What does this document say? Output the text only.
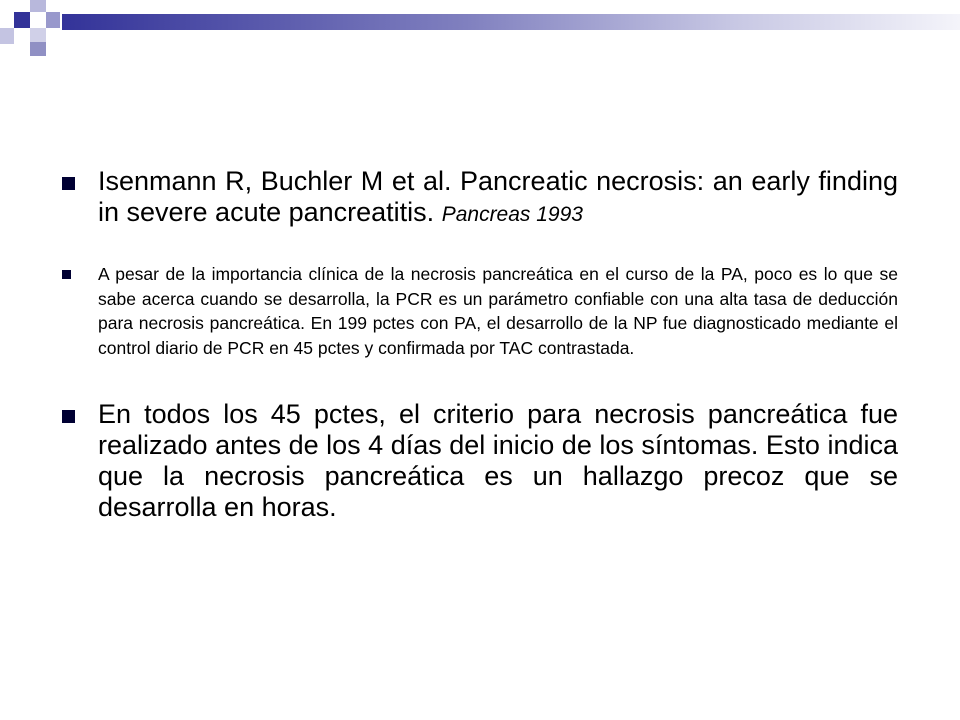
Isenmann R, Buchler M et al. Pancreatic necrosis: an early finding in severe acute pancreatitis. Pancreas 1993
A pesar de la importancia clínica de la necrosis pancreática en el curso de la PA, poco es lo que se sabe acerca cuando se desarrolla, la PCR es un parámetro confiable con una alta tasa de deducción para necrosis pancreática. En 199 pctes con PA, el desarrollo de la NP fue diagnosticado mediante el control diario de PCR en 45 pctes y confirmada por TAC contrastada.
En todos los 45 pctes, el criterio para necrosis pancreática fue realizado antes de los 4 días del inicio de los síntomas. Esto indica que la necrosis pancreática es un hallazgo precoz que se desarrolla en horas.
